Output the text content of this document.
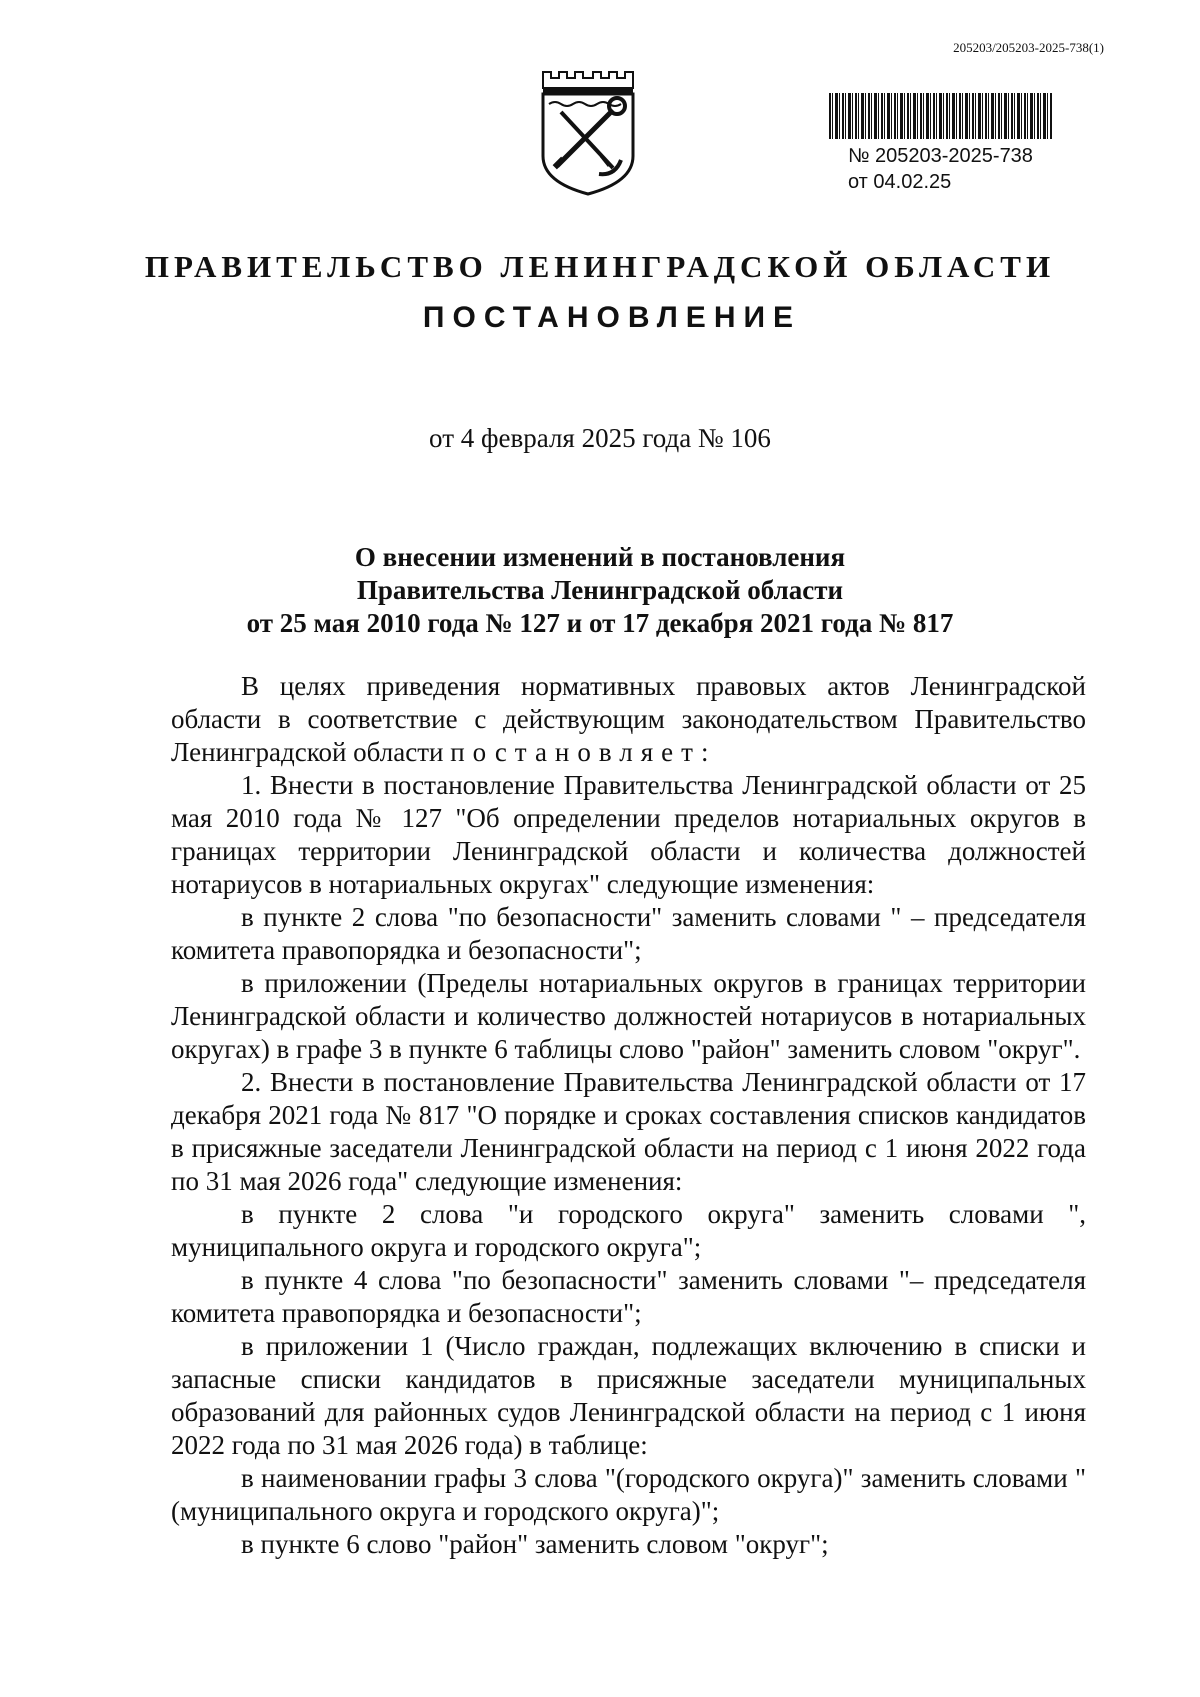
205203/205203-2025-738(1)
№ 205203-2025-738
от 04.02.25
ПРАВИТЕЛЬСТВО ЛЕНИНГРАДСКОЙ ОБЛАСТИ
ПОСТАНОВЛЕНИЕ
от 4 февраля 2025 года № 106
О внесении изменений в постановления
Правительства Ленинградской области
от 25 мая 2010 года № 127 и от 17 декабря 2021 года № 817

В целях приведения нормативных правовых актов Ленинградской области в соответствие с действующим законодательством Правительство Ленинградской области постановляет:

1. Внести в постановление Правительства Ленинградской области от 25 мая 2010 года № 127 "Об определении пределов нотариальных округов в границах территории Ленинградской области и количества должностей нотариусов в нотариальных округах" следующие изменения:

в пункте 2 слова "по безопасности" заменить словами " – председателя комитета правопорядка и безопасности";

в приложении (Пределы нотариальных округов в границах территории Ленинградской области и количество должностей нотариусов в нотариальных округах) в графе 3 в пункте 6 таблицы слово "район" заменить словом "округ".

2. Внести в постановление Правительства Ленинградской области от 17 декабря 2021 года № 817 "О порядке и сроках составления списков кандидатов в присяжные заседатели Ленинградской области на период с 1 июня 2022 года по 31 мая 2026 года" следующие изменения:

в пункте 2 слова "и городского округа" заменить словами ", муниципального округа и городского округа";

в пункте 4 слова "по безопасности" заменить словами "– председателя комитета правопорядка и безопасности";

в приложении 1 (Число граждан, подлежащих включению в списки и запасные списки кандидатов в присяжные заседатели муниципальных образований для районных судов Ленинградской области на период с 1 июня 2022 года по 31 мая 2026 года) в таблице:

в наименовании графы 3 слова "(городского округа)" заменить словами "(муниципального округа и городского округа)";

в пункте 6 слово "район" заменить словом "округ";
